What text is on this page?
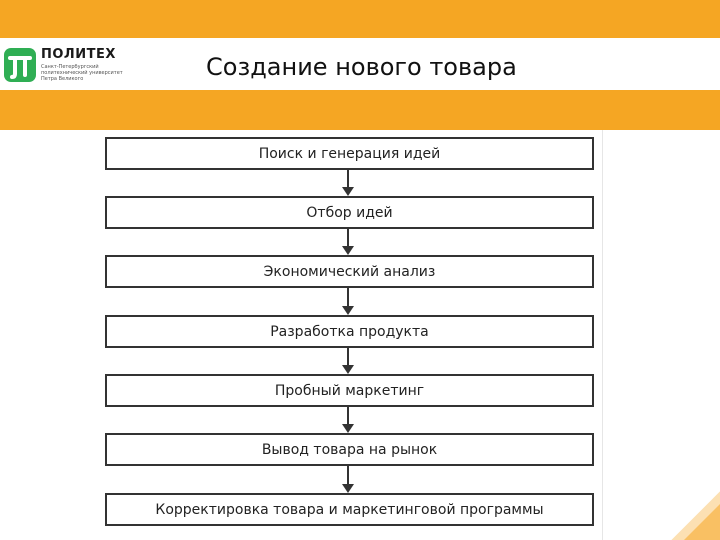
ПОЛИТЕХ
Санкт-Петербургский
политехнический университет
Петра Великого	Создание нового товара
Поиск и генерация идей
Отбор идей
Экономический анализ
Разработка продукта
Пробный маркетинг
Вывод товара на рынок
Корректировка товара и маркетинговой программы
